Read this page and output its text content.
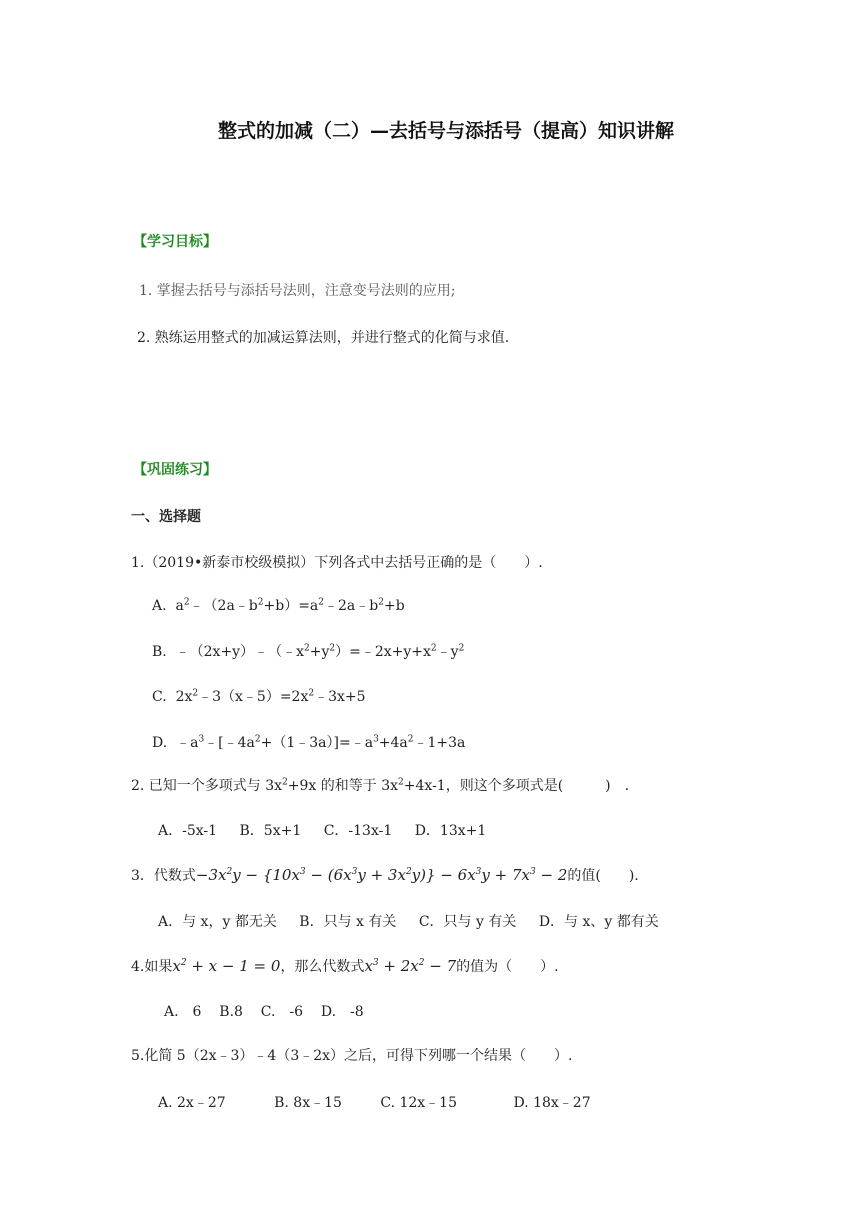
整式的加减（二）—去括号与添括号（提高）知识讲解
【学习目标】
1. 掌握去括号与添括号法则，注意变号法则的应用;
2. 熟练运用整式的加减运算法则，并进行整式的化简与求值.
【巩固练习】
一、选择题
1.（2019•新泰市校级模拟）下列各式中去括号正确的是（　　）.
A.  $a^2﹣(2a﹣b^2+b)=a^2﹣2a﹣b^2+b$
B.  $﹣(2x+y)﹣(﹣x^2+y^2)=﹣2x+y+x^2﹣y^2$
C.  $2x^2﹣3(x﹣5)=2x^2﹣3x+5$
D.  $﹣a^3﹣[﹣4a^2+(1﹣3a)]=﹣a^3+4a^2﹣1+3a$
2. 已知一个多项式与 $3x^2+9x$ 的和等于 $3x^2+4x-1$，则这个多项式是(　　　)　.
A．-5x-1 B．5x+1 C．-13x-1 D．13x+1
3．代数式$-3x^2y - \{10x^3 - (6x^3y + 3x^2y)\} - 6x^3y + 7x^3 - 2$的值(　　).
A．与 x，y 都无关 B．只与 x 有关 C．只与 y 有关 D．与 x、y 都有关
4.如果$x^2 + x - 1 = 0$，那么代数式$x^3 + 2x^2 - 7$的值为（　　）.
A.　6 B.8 C.　-6 D.　-8
5.化简 5（2x﹣3）﹣4（3﹣2x）之后，可得下列哪一个结果（　　）.
A. 2x﹣27	B. 8x﹣15	C. 12x﹣15	D. 18x﹣27
